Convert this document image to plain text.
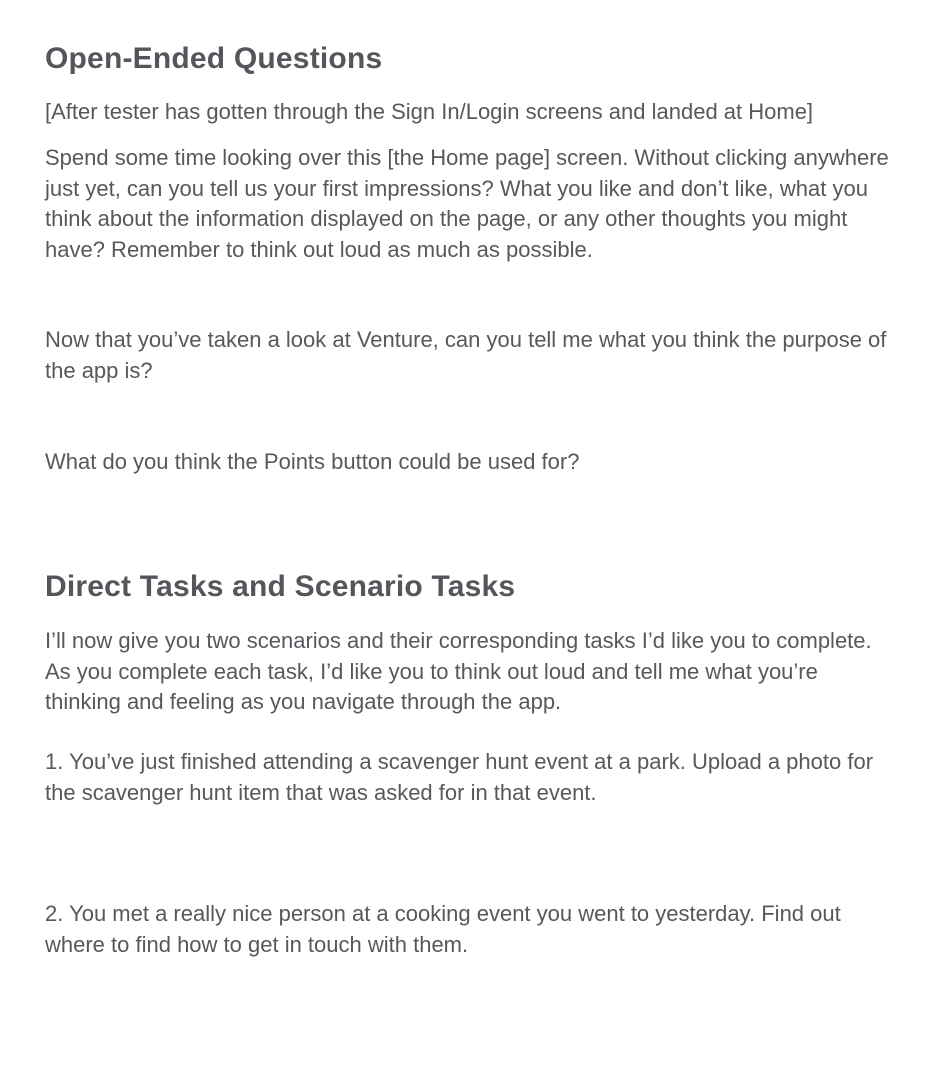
Open-Ended Questions

[After tester has gotten through the Sign In/Login screens and landed at Home]

Spend some time looking over this [the Home page] screen. Without clicking anywhere just yet, can you tell us your first impressions? What you like and don’t like, what you think about the information displayed on the page, or any other thoughts you might have? Remember to think out loud as much as possible.

Now that you’ve taken a look at Venture, can you tell me what you think the purpose of the app is?

What do you think the Points button could be used for?

Direct Tasks and Scenario Tasks

I’ll now give you two scenarios and their corresponding tasks I’d like you to complete. As you complete each task, I’d like you to think out loud and tell me what you’re thinking and feeling as you navigate through the app.

1. You’ve just finished attending a scavenger hunt event at a park. Upload a photo for the scavenger hunt item that was asked for in that event.

2. You met a really nice person at a cooking event you went to yesterday. Find out where to find how to get in touch with them.
